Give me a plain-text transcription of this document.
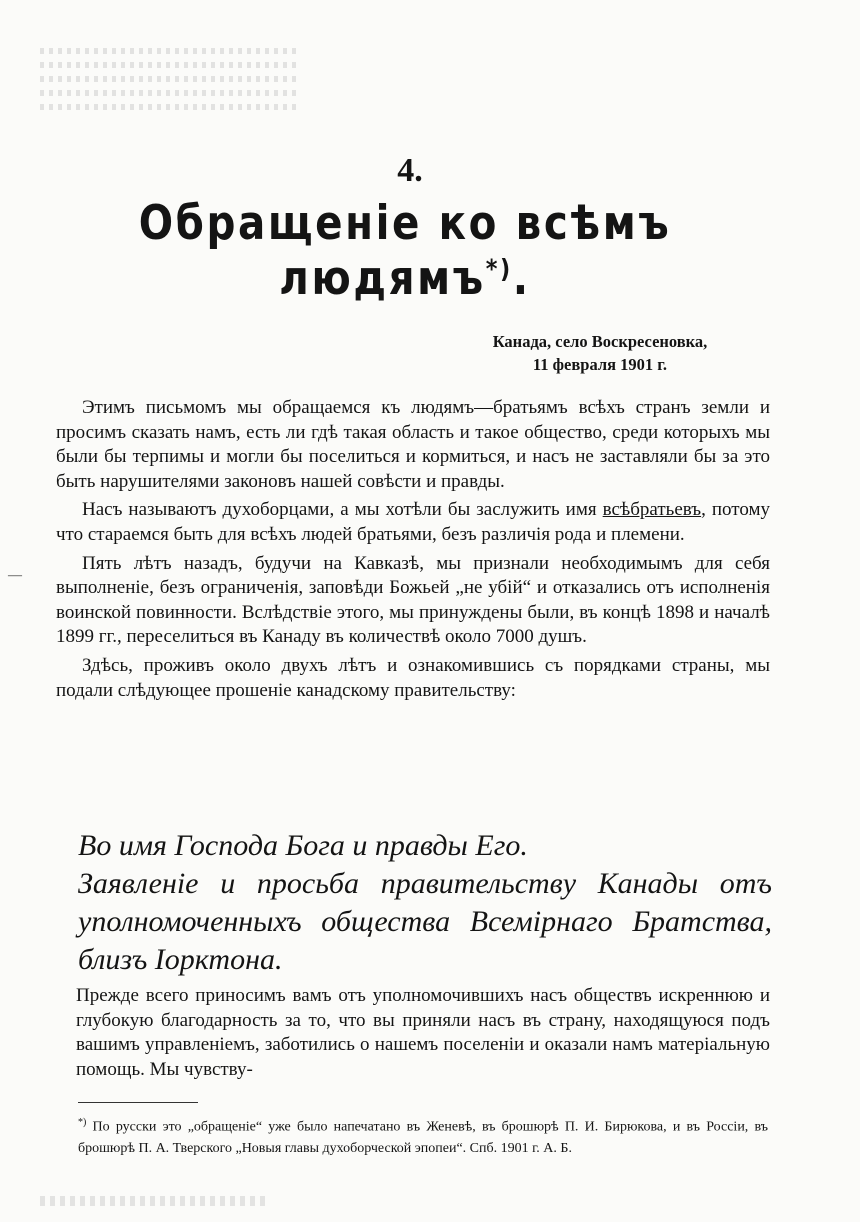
4.
Обращеніе ко всѣмъ людямъ*).
Канада, село Воскресеновка,
11 февраля 1901 г.

Этимъ письмомъ мы обращаемся къ людямъ—братьямъ всѣхъ странъ земли и просимъ сказать намъ, есть ли гдѣ такая область и такое общество, среди которыхъ мы были бы терпимы и могли бы поселиться и кормиться, и насъ не заставляли бы за это быть нарушителями законовъ нашей совѣсти и правды.

Насъ называютъ духоборцами, а мы хотѣли бы заслужить имя всѣбратьевъ, потому что стараемся быть для всѣхъ людей братьями, безъ различія рода и племени.

Пять лѣтъ назадъ, будучи на Кавказѣ, мы признали необходимымъ для себя выполненіе, безъ ограниченія, заповѣди Божьей „не убій“ и отказались отъ исполненія воинской повинности. Вслѣдствіе этого, мы принуждены были, въ концѣ 1898 и началѣ 1899 гг., переселиться въ Канаду въ количествѣ около 7000 душъ.

Здѣсь, проживъ около двухъ лѣтъ и ознакомившись съ порядками страны, мы подали слѣдующее прошеніе канадскому правительству:

Во имя Господа Бога и правды Его.

Заявленіе и просьба правительству Канады отъ уполномоченныхъ общества Всемірнаго Братства, близъ Іорктона.

Прежде всего приносимъ вамъ отъ уполномочившихъ насъ обществъ искреннюю и глубокую благодарность за то, что вы приняли насъ въ страну, находящуюся подъ вашимъ управленіемъ, заботились о нашемъ поселеніи и оказали намъ матеріальную помощь. Мы чувству-

*) По русски это „обращеніе“ уже было напечатано въ Женевѣ, въ брошюрѣ П. И. Бирюкова, и въ Россіи, въ брошюрѣ П. А. Тверского „Новыя главы духоборческой эпопеи“. Спб. 1901 г. А. Б.
—
